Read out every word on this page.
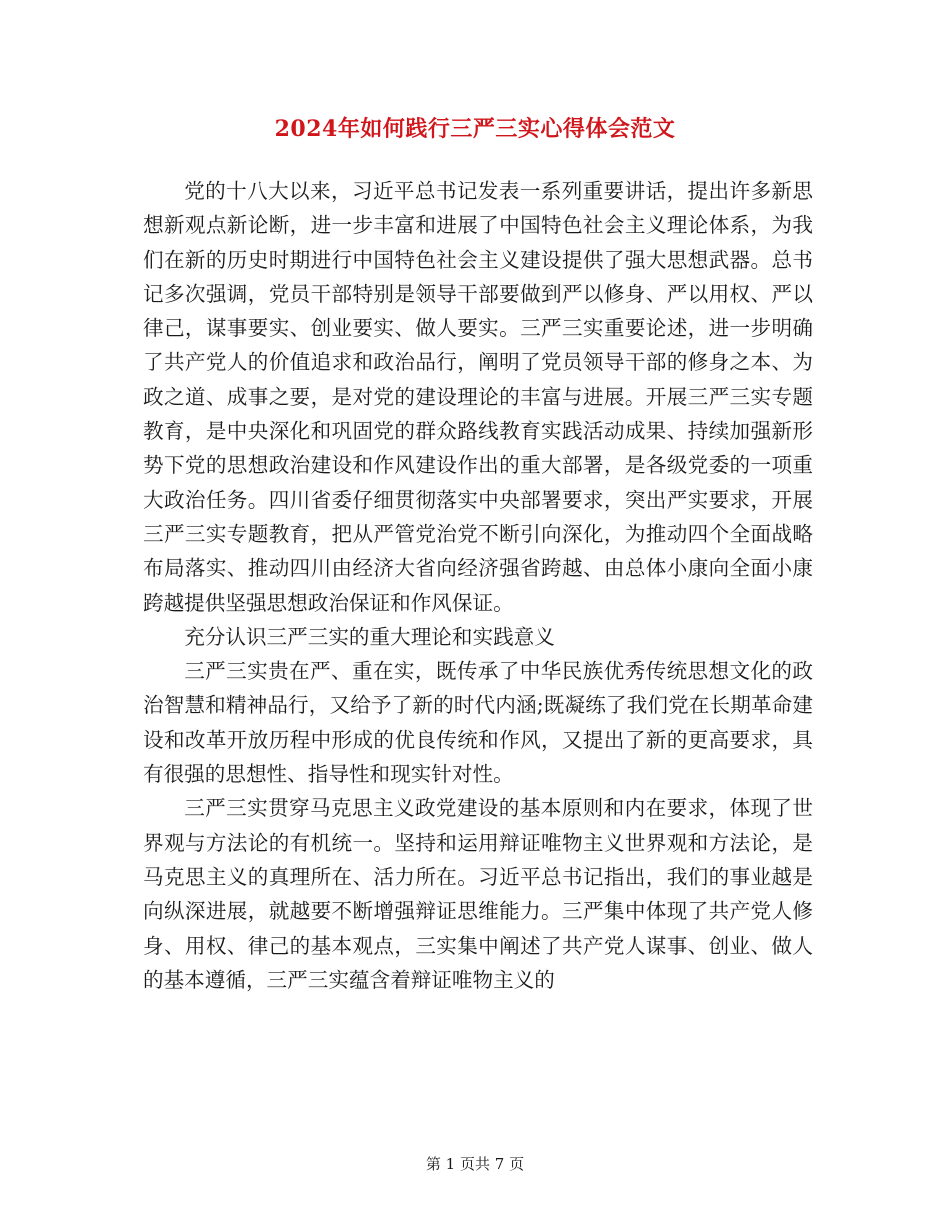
2024年如何践行三严三实心得体会范文

党的十八大以来，习近平总书记发表一系列重要讲话，提出许多新思想新观点新论断，进一步丰富和进展了中国特色社会主义理论体系，为我们在新的历史时期进行中国特色社会主义建设提供了强大思想武器。总书记多次强调，党员干部特别是领导干部要做到严以修身、严以用权、严以律己，谋事要实、创业要实、做人要实。三严三实重要论述，进一步明确了共产党人的价值追求和政治品行，阐明了党员领导干部的修身之本、为政之道、成事之要，是对党的建设理论的丰富与进展。开展三严三实专题教育，是中央深化和巩固党的群众路线教育实践活动成果、持续加强新形势下党的思想政治建设和作风建设作出的重大部署，是各级党委的一项重大政治任务。四川省委仔细贯彻落实中央部署要求，突出严实要求，开展三严三实专题教育，把从严管党治党不断引向深化，为推动四个全面战略布局落实、推动四川由经济大省向经济强省跨越、由总体小康向全面小康跨越提供坚强思想政治保证和作风保证。

充分认识三严三实的重大理论和实践意义

三严三实贵在严、重在实，既传承了中华民族优秀传统思想文化的政治智慧和精神品行，又给予了新的时代内涵;既凝练了我们党在长期革命建设和改革开放历程中形成的优良传统和作风，又提出了新的更高要求，具有很强的思想性、指导性和现实针对性。

三严三实贯穿马克思主义政党建设的基本原则和内在要求，体现了世界观与方法论的有机统一。坚持和运用辩证唯物主义世界观和方法论，是马克思主义的真理所在、活力所在。习近平总书记指出，我们的事业越是向纵深进展，就越要不断增强辩证思维能力。三严集中体现了共产党人修身、用权、律己的基本观点，三实集中阐述了共产党人谋事、创业、做人的基本遵循，三严三实蕴含着辩证唯物主义的

第 1 页共 7 页
